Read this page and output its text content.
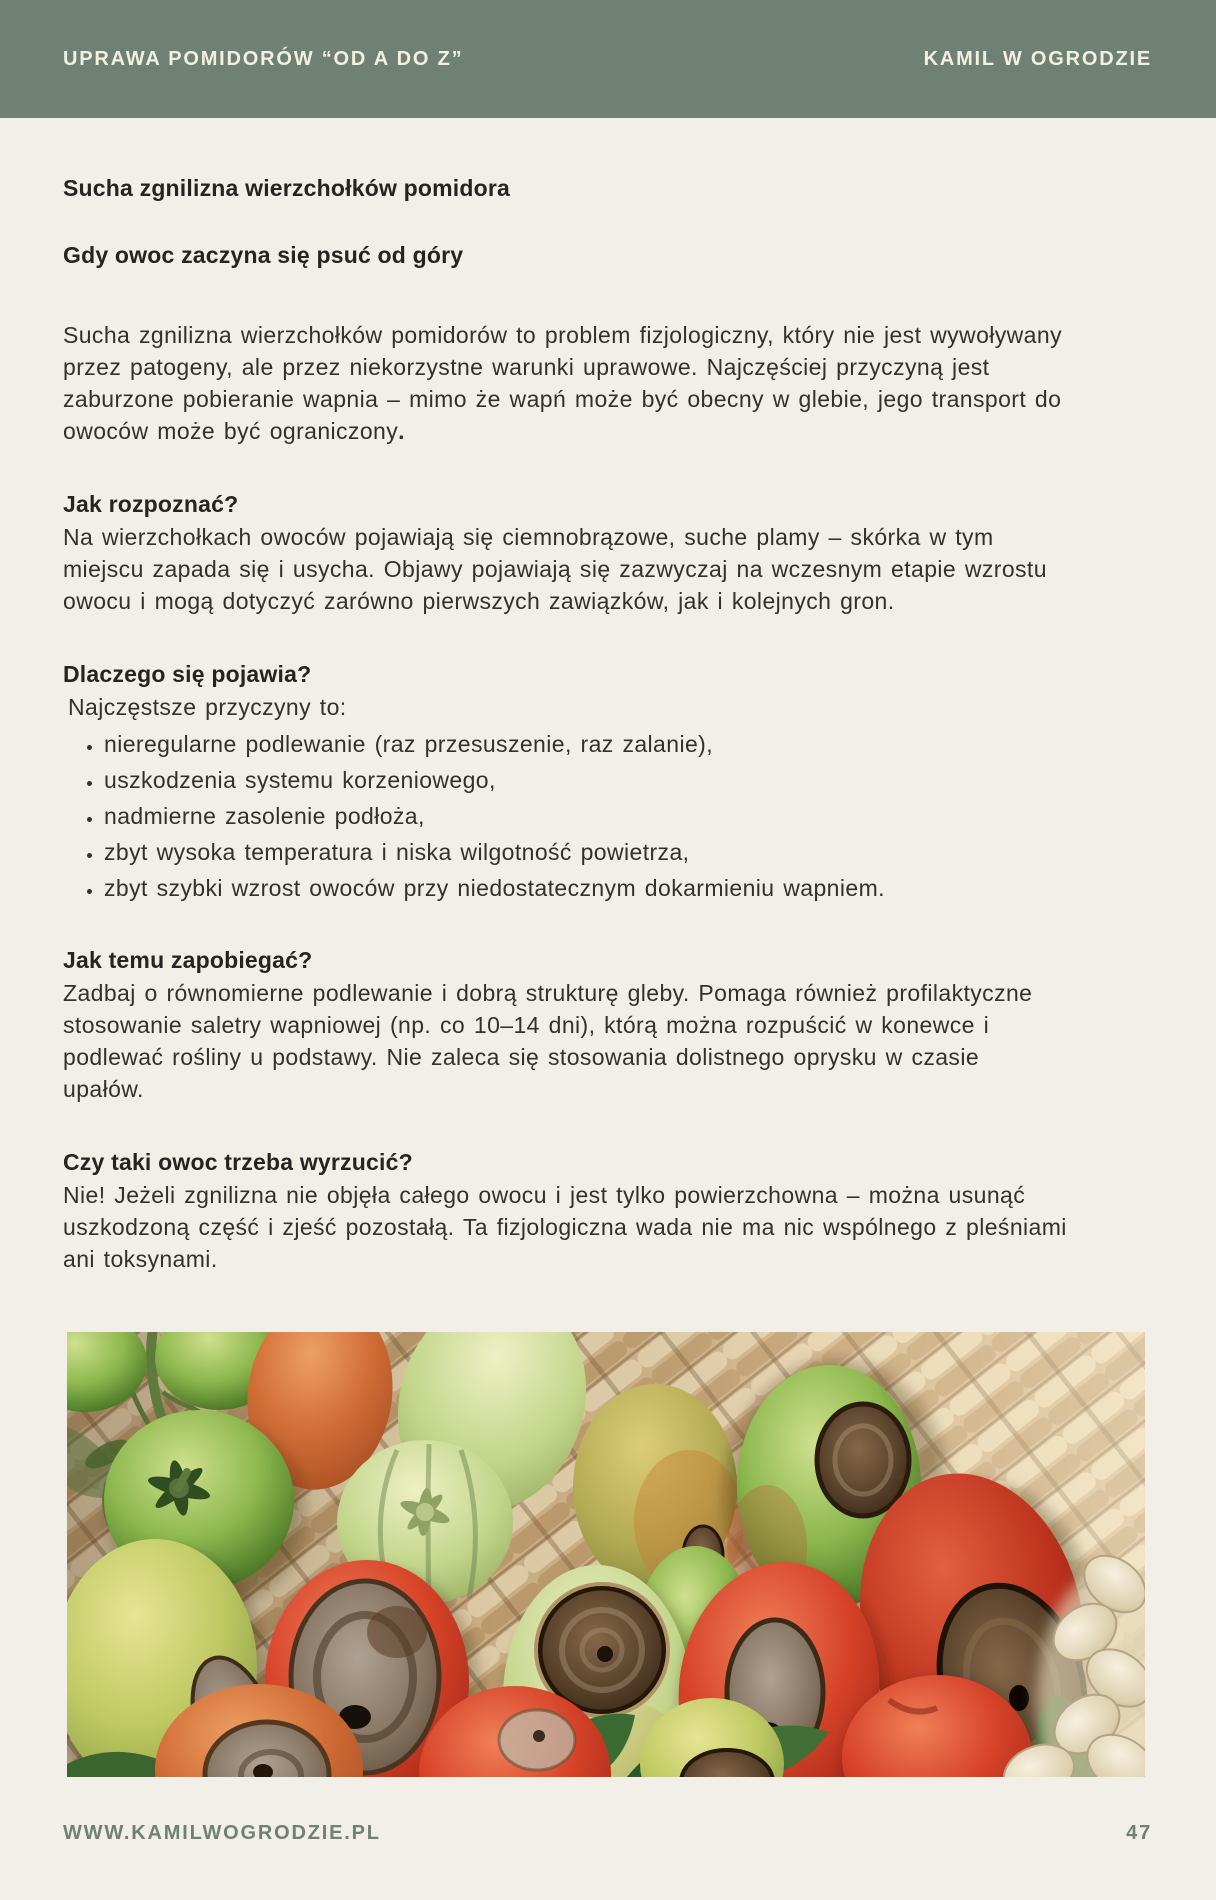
UPRAWA POMIDORÓW “OD A DO Z”	KAMIL W OGRODZIE
Sucha zgnilizna wierzchołków pomidora
Gdy owoc zaczyna się psuć od góry

Sucha zgnilizna wierzchołków pomidorów to problem fizjologiczny, który nie jest wywoływany przez patogeny, ale przez niekorzystne warunki uprawowe. Najczęściej przyczyną jest zaburzone pobieranie wapnia – mimo że wapń może być obecny w glebie, jego transport do owoców może być ograniczony.

Jak rozpoznać?

Na wierzchołkach owoców pojawiają się ciemnobrązowe, suche plamy – skórka w tym miejscu zapada się i usycha. Objawy pojawiają się zazwyczaj na wczesnym etapie wzrostu owocu i mogą dotyczyć zarówno pierwszych zawiązków, jak i kolejnych gron.

Dlaczego się pojawia?

Najczęstsze przyczyny to:

• nieregularne podlewanie (raz przesuszenie, raz zalanie),
• uszkodzenia systemu korzeniowego,
• nadmierne zasolenie podłoża,
• zbyt wysoka temperatura i niska wilgotność powietrza,
• zbyt szybki wzrost owoców przy niedostatecznym dokarmieniu wapniem.
Jak temu zapobiegać?

Zadbaj o równomierne podlewanie i dobrą strukturę gleby. Pomaga również profilaktyczne stosowanie saletry wapniowej (np. co 10–14 dni), którą można rozpuścić w konewce i podlewać rośliny u podstawy. Nie zaleca się stosowania dolistnego oprysku w czasie upałów.

Czy taki owoc trzeba wyrzucić?

Nie! Jeżeli zgnilizna nie objęła całego owocu i jest tylko powierzchowna – można usunąć uszkodzoną część i zjeść pozostałą. Ta fizjologiczna wada nie ma nic wspólnego z pleśniami ani toksynami.

WWW.KAMILWOGRODZIE.PL	47
